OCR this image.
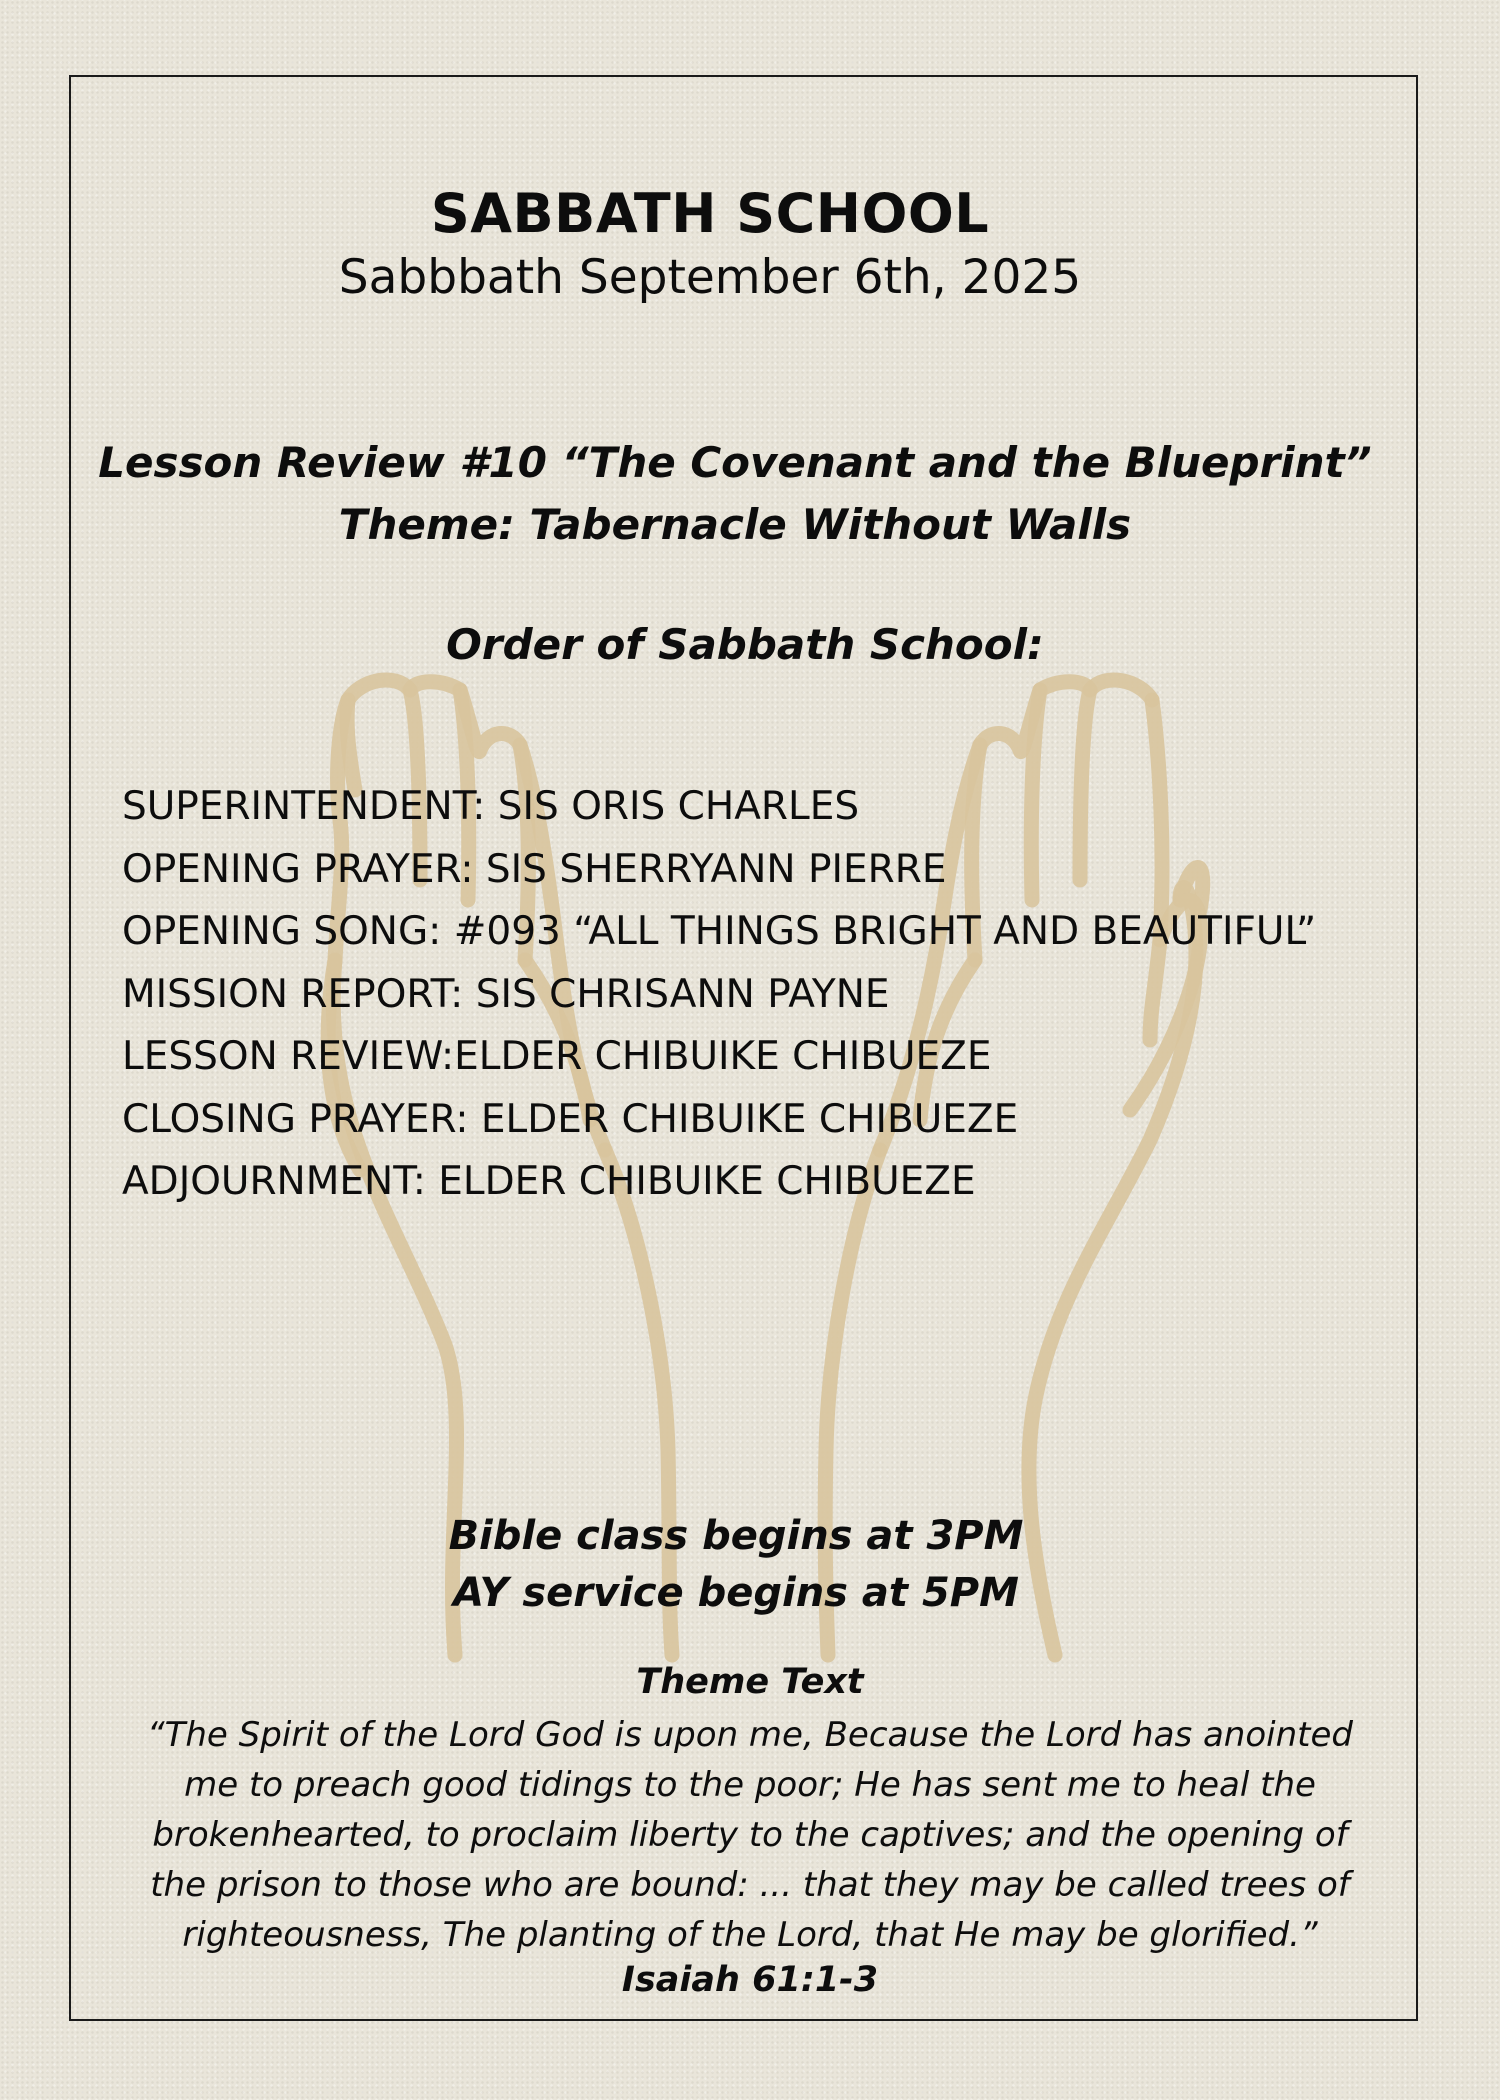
SABBATH SCHOOL
Sabbbath September 6th, 2025
Lesson Review #10 “The Covenant and the Blueprint”
Theme: Tabernacle Without Walls
Order of Sabbath School:
SUPERINTENDENT: SIS ORIS CHARLES
OPENING PRAYER: SIS SHERRYANN PIERRE
OPENING SONG: #093 “ALL THINGS BRIGHT AND BEAUTIFUL”
MISSION REPORT: SIS CHRISANN PAYNE
LESSON REVIEW:ELDER CHIBUIKE CHIBUEZE
CLOSING PRAYER: ELDER CHIBUIKE CHIBUEZE
ADJOURNMENT: ELDER CHIBUIKE CHIBUEZE
Bible class begins at 3PM
AY service begins at 5PM
Theme Text
“The Spirit of the Lord God is upon me, Because the Lord has anointed
me to preach good tidings to the poor; He has sent me to heal the
brokenhearted, to proclaim liberty to the captives; and the opening of
the prison to those who are bound: ... that they may be called trees of
righteousness, The planting of the Lord, that He may be glorified.”
Isaiah 61:1-3
